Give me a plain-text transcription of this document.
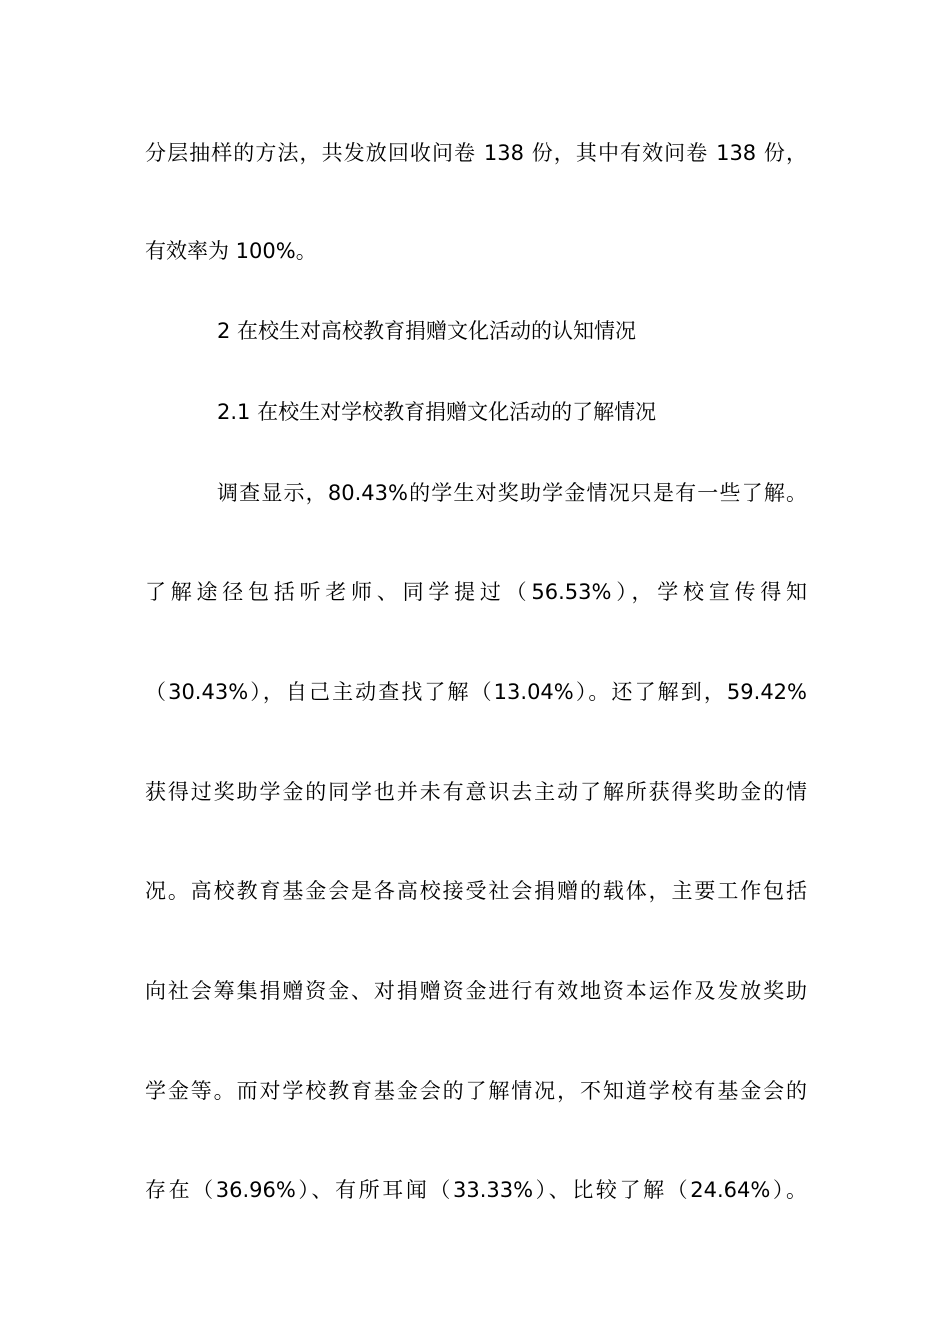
分层抽样的方法，共发放回收问卷 138 份，其中有效问卷 138 份，
有效率为 100%。
2 在校生对高校教育捐赠文化活动的认知情况
2.1 在校生对学校教育捐赠文化活动的了解情况
调查显示，80.43%的学生对奖助学金情况只是有一些了解。
了解途径包括听老师、同学提过（56.53%），学校宣传得知
（30.43%），自己主动查找了解（13.04%）。还了解到，59.42%
获得过奖助学金的同学也并未有意识去主动了解所获得奖助金的情
况。高校教育基金会是各高校接受社会捐赠的载体，主要工作包括
向社会筹集捐赠资金、对捐赠资金进行有效地资本运作及发放奖助
学金等。而对学校教育基金会的了解情况，不知道学校有基金会的
存在（36.96%）、有所耳闻（33.33%）、比较了解（24.64%）。
